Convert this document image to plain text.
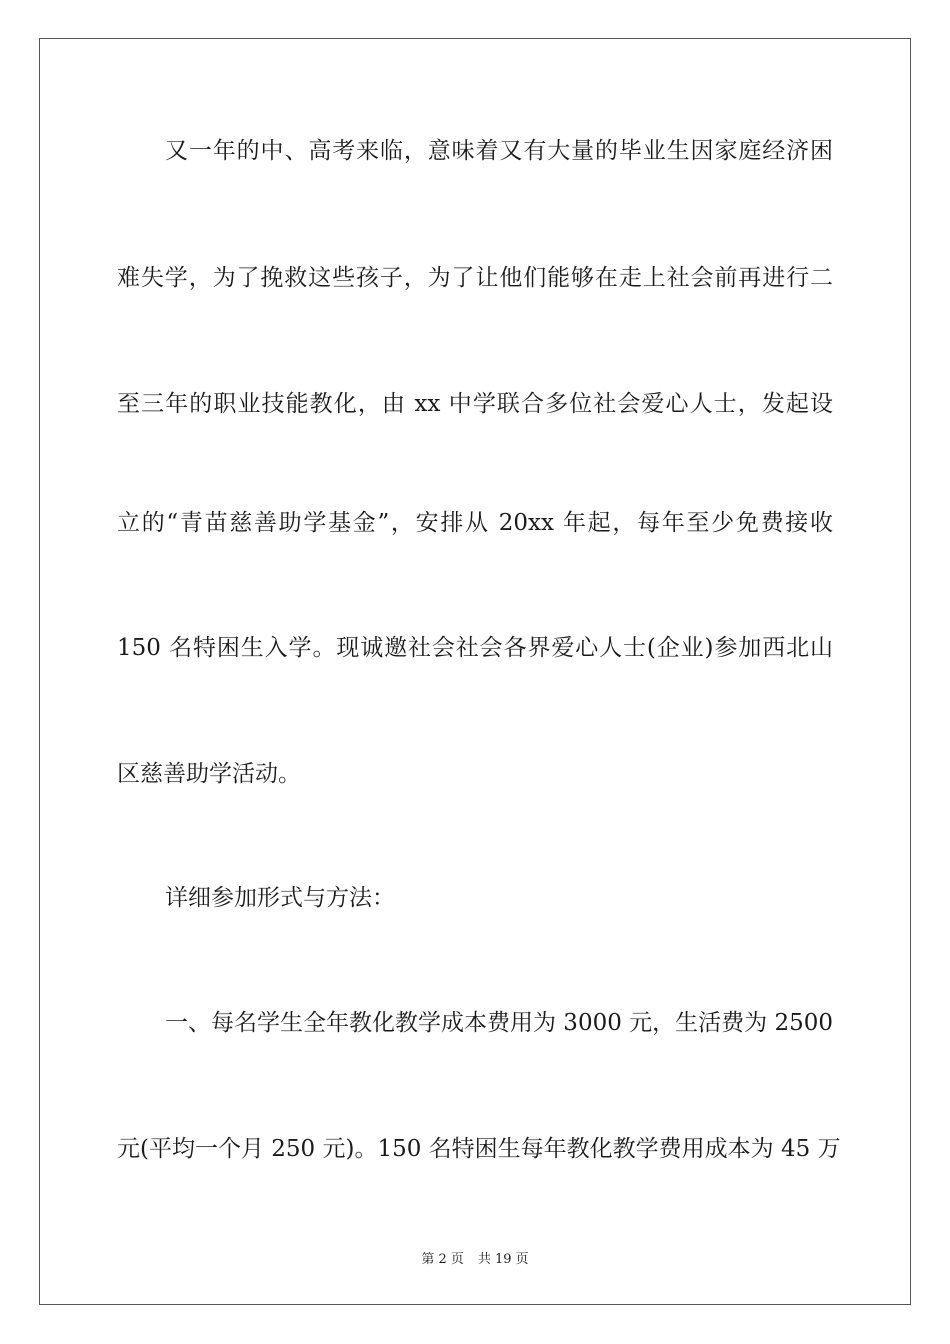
又一年的中、高考来临，意味着又有大量的毕业生因家庭经济困
难失学，为了挽救这些孩子，为了让他们能够在走上社会前再进行二
至三年的职业技能教化，由 xx 中学联合多位社会爱心人士，发起设
立的“青苗慈善助学基金”，安排从 20xx 年起，每年至少免费接收
150 名特困生入学。现诚邀社会社会各界爱心人士(企业)参加西北山
区慈善助学活动。
详细参加形式与方法：
一、每名学生全年教化教学成本费用为 3000 元，生活费为 2500
元(平均一个月 250 元)。150 名特困生每年教化教学费用成本为 45 万
第 2 页 共 19 页
